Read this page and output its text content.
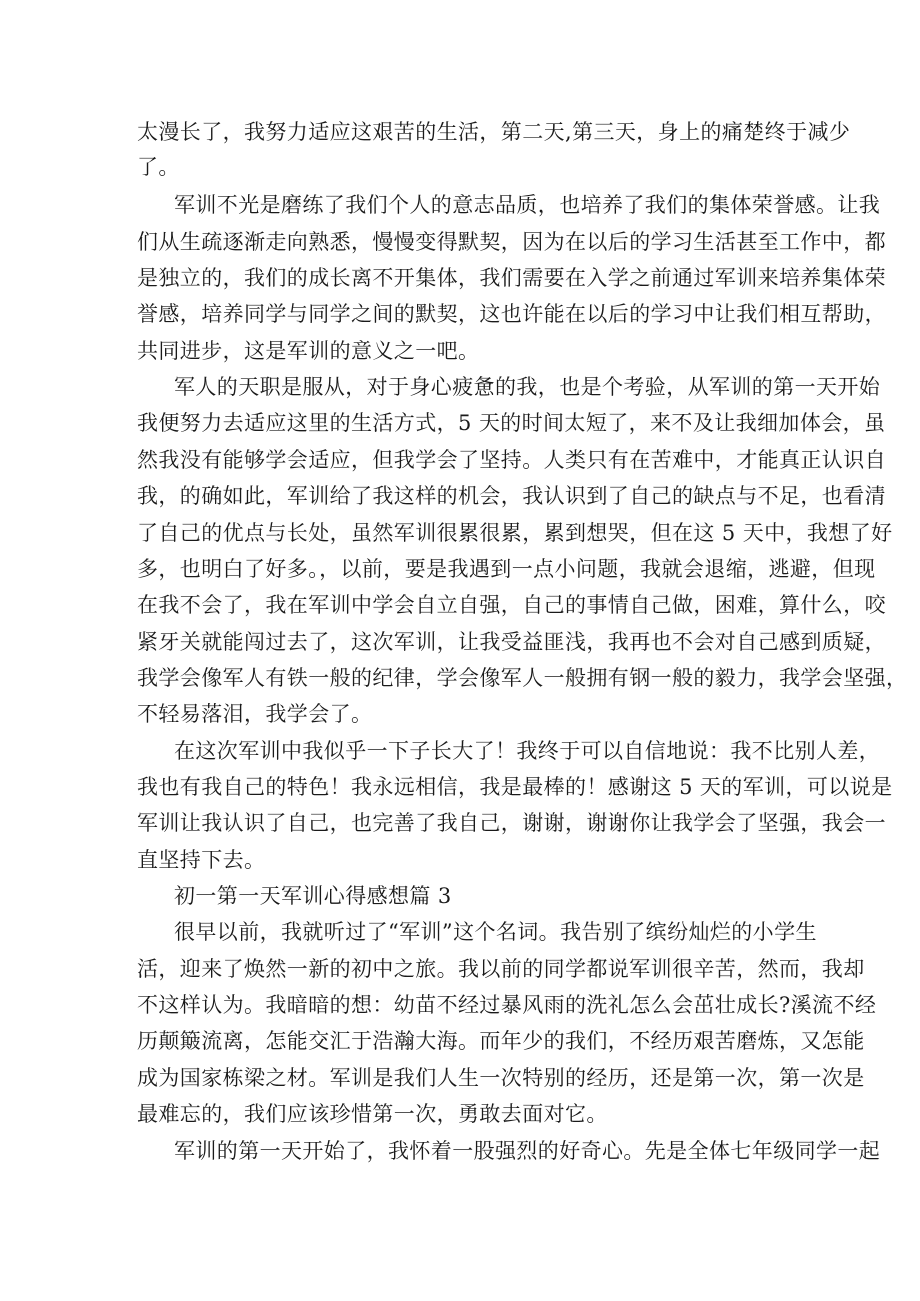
太漫长了，我努力适应这艰苦的生活，第二天,第三天，身上的痛楚终于减少
了。
军训不光是磨练了我们个人的意志品质，也培养了我们的集体荣誉感。让我
们从生疏逐渐走向熟悉，慢慢变得默契，因为在以后的学习生活甚至工作中，都
是独立的，我们的成长离不开集体，我们需要在入学之前通过军训来培养集体荣
誉感，培养同学与同学之间的默契，这也许能在以后的学习中让我们相互帮助，
共同进步，这是军训的意义之一吧。
军人的天职是服从，对于身心疲惫的我，也是个考验，从军训的第一天开始
我便努力去适应这里的生活方式，5 天的时间太短了，来不及让我细加体会，虽
然我没有能够学会适应，但我学会了坚持。人类只有在苦难中，才能真正认识自
我，的确如此，军训给了我这样的机会，我认识到了自己的缺点与不足，也看清
了自己的优点与长处，虽然军训很累很累，累到想哭，但在这 5 天中，我想了好
多，也明白了好多。，以前，要是我遇到一点小问题，我就会退缩，逃避，但现
在我不会了，我在军训中学会自立自强，自己的事情自己做，困难，算什么，咬
紧牙关就能闯过去了，这次军训，让我受益匪浅，我再也不会对自己感到质疑，
我学会像军人有铁一般的纪律，学会像军人一般拥有钢一般的毅力，我学会坚强，
不轻易落泪，我学会了。
在这次军训中我似乎一下子长大了！我终于可以自信地说：我不比别人差，
我也有我自己的特色！我永远相信，我是最棒的！感谢这 5 天的军训，可以说是
军训让我认识了自己，也完善了我自己，谢谢，谢谢你让我学会了坚强，我会一
直坚持下去。
初一第一天军训心得感想篇 3
很早以前，我就听过了“军训”这个名词。我告别了缤纷灿烂的小学生
活，迎来了焕然一新的初中之旅。我以前的同学都说军训很辛苦，然而，我却
不这样认为。我暗暗的想：幼苗不经过暴风雨的洗礼怎么会茁壮成长?溪流不经
历颠簸流离，怎能交汇于浩瀚大海。而年少的我们，不经历艰苦磨炼，又怎能
成为国家栋梁之材。军训是我们人生一次特别的经历，还是第一次，第一次是
最难忘的，我们应该珍惜第一次，勇敢去面对它。
军训的第一天开始了，我怀着一股强烈的好奇心。先是全体七年级同学一起
